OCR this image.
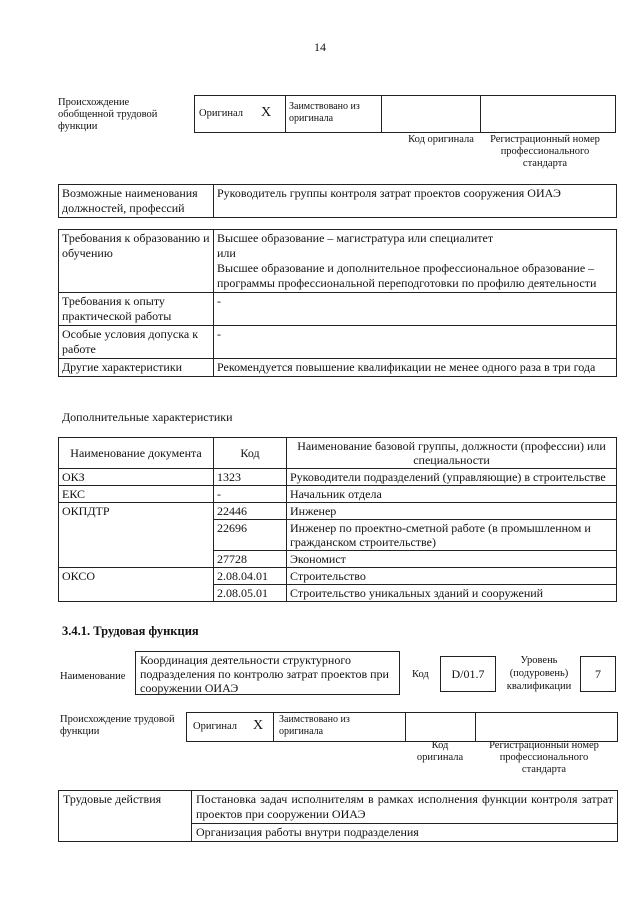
14
Происхождение обобщенной трудовой функции
Оригинал X Заимствовано из оригинала
Код оригинала	Регистрационный номер профессионального стандарта
Возможные наименования должностей, профессий	Руководитель группы контроля затрат проектов сооружения ОИАЭ
Требования к образованию и обучению	Высшее образование – магистратура или специалитет
или
Высшее образование и дополнительное профессиональное образование – программы профессиональной переподготовки по профилю деятельности
Требования к опыту практической работы	-
Особые условия допуска к работе	-
Другие характеристики	Рекомендуется повышение квалификации не менее одного раза в три года
Дополнительные характеристики
Наименование документа	Код	Наименование базовой группы, должности (профессии) или специальности
ОКЗ	1323	Руководители подразделений (управляющие) в строительстве
ЕКС	-	Начальник отдела
ОКПДТР	22446	Инженер
	22696	Инженер по проектно-сметной работе (в промышленном и гражданском строительстве)
	27728	Экономист
ОКСО	2.08.04.01	Строительство
	2.08.05.01	Строительство уникальных зданий и сооружений
3.4.1. Трудовая функция
Наименование
Координация деятельности структурного подразделения по контролю затрат проектов при сооружении ОИАЭ
Код	D/01.7
Уровень (подуровень) квалификации
7
Происхождение трудовой функции	Оригинал X Заимствовано из оригинала
Код оригинала
Регистрационный номер профессионального стандарта
Трудовые действия	Постановка задач исполнителям в рамках исполнения функции контроля затрат проектов при сооружении ОИАЭ
Организация работы внутри подразделения
